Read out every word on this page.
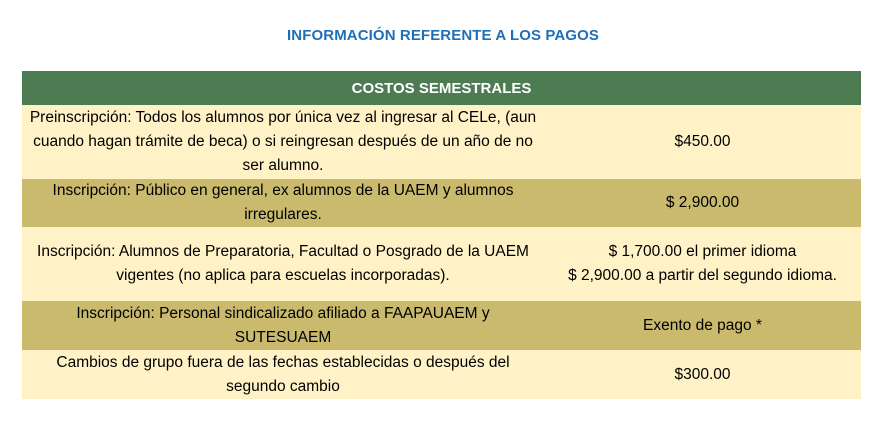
INFORMACIÓN REFERENTE A LOS PAGOS
COSTOS SEMESTRALES
Preinscripción: Todos los alumnos por única vez al ingresar al CELe, (aun cuando hagan trámite de beca) o si reingresan después de un año de no ser alumno.
$450.00
Inscripción: Público en general, ex alumnos de la UAEM y alumnos irregulares.
$ 2,900.00
Inscripción: Alumnos de Preparatoria, Facultad o Posgrado de la UAEM vigentes (no aplica para escuelas incorporadas).
$ 1,700.00 el primer idioma
$ 2,900.00 a partir del segundo idioma.
Inscripción: Personal sindicalizado afiliado a FAAPAUAEM y SUTESUAEM
Exento de pago *
Cambios de grupo fuera de las fechas establecidas o después del segundo cambio
$300.00
